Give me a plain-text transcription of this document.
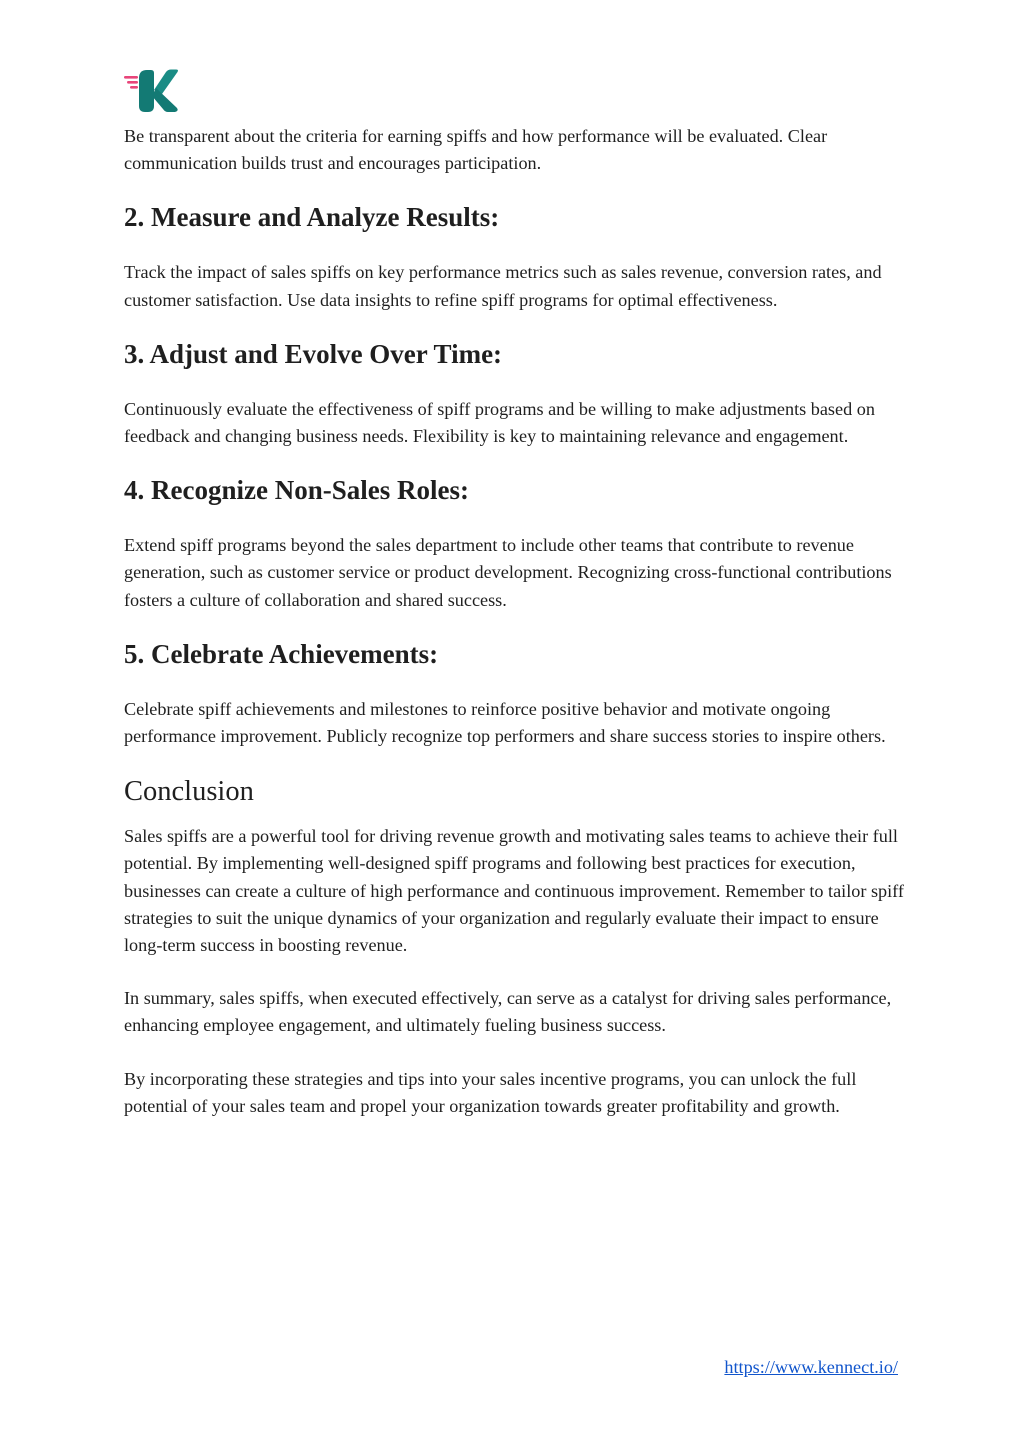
Be transparent about the criteria for earning spiffs and how performance will be evaluated. Clear communication builds trust and encourages participation.

2. Measure and Analyze Results:

Track the impact of sales spiffs on key performance metrics such as sales revenue, conversion rates, and customer satisfaction. Use data insights to refine spiff programs for optimal effectiveness.

3. Adjust and Evolve Over Time:

Continuously evaluate the effectiveness of spiff programs and be willing to make adjustments based on feedback and changing business needs. Flexibility is key to maintaining relevance and engagement.

4. Recognize Non-Sales Roles:

Extend spiff programs beyond the sales department to include other teams that contribute to revenue generation, such as customer service or product development. Recognizing cross-functional contributions fosters a culture of collaboration and shared success.

5. Celebrate Achievements:

Celebrate spiff achievements and milestones to reinforce positive behavior and motivate ongoing performance improvement. Publicly recognize top performers and share success stories to inspire others.

Conclusion

Sales spiffs are a powerful tool for driving revenue growth and motivating sales teams to achieve their full potential. By implementing well-designed spiff programs and following best practices for execution, businesses can create a culture of high performance and continuous improvement. Remember to tailor spiff strategies to suit the unique dynamics of your organization and regularly evaluate their impact to ensure long-term success in boosting revenue.

In summary, sales spiffs, when executed effectively, can serve as a catalyst for driving sales performance, enhancing employee engagement, and ultimately fueling business success.

By incorporating these strategies and tips into your sales incentive programs, you can unlock the full potential of your sales team and propel your organization towards greater profitability and growth.

https://www.kennect.io/
